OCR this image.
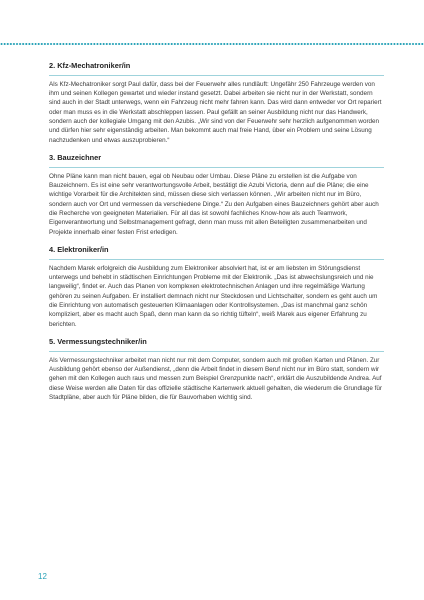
2. Kfz-Mechatroniker/in

Als Kfz-Mechatroniker sorgt Paul dafür, dass bei der Feuerwehr alles rundläuft: Ungefähr 250 Fahrzeuge werden von ihm und seinen Kollegen gewartet und wieder instand gesetzt. Dabei arbeiten sie nicht nur in der Werkstatt, sondern sind auch in der Stadt unterwegs, wenn ein Fahrzeug nicht mehr fahren kann. Das wird dann entweder vor Ort repariert oder man muss es in die Werkstatt abschleppen lassen. Paul gefällt an seiner Ausbildung nicht nur das Handwerk, sondern auch der kollegiale Umgang mit den Azubis. „Wir sind von der Feuerwehr sehr herzlich aufgenommen worden und dürfen hier sehr eigenständig arbeiten. Man bekommt auch mal freie Hand, über ein Problem und seine Lösung nachzudenken und etwas auszuprobieren.“

3. Bauzeichner

Ohne Pläne kann man nicht bauen, egal ob Neubau oder Umbau. Diese Pläne zu erstellen ist die Aufgabe von Bauzeichnern. Es ist eine sehr verantwortungsvolle Arbeit, bestätigt die Azubi Victoria, denn auf die Pläne; die eine wichtige Vorarbeit für die Architekten sind, müssen diese sich verlassen können. „Wir arbeiten nicht nur im Büro, sondern auch vor Ort und vermessen da verschiedene Dinge.“ Zu den Aufgaben eines Bauzeichners gehört aber auch die Recherche von geeigneten Materialien. Für all das ist sowohl fachliches Know-how als auch Teamwork, Eigenverantwortung und Selbstmanagement gefragt, denn man muss mit allen Beteiligten zusammenarbeiten und Projekte innerhalb einer festen Frist erledigen.

4. Elektroniker/in

Nachdem Marek erfolgreich die Ausbildung zum Elektroniker absolviert hat, ist er am liebsten im Störungsdienst unterwegs und behebt in städtischen Einrichtungen Probleme mit der Elektronik. „Das ist abwechslungsreich und nie langweilig“, findet er. Auch das Planen von komplexen elektrotechnischen Anlagen und ihre regelmäßige Wartung gehören zu seinen Aufgaben. Er installiert demnach nicht nur Steckdosen und Lichtschalter, sondern es geht auch um die Einrichtung von automatisch gesteuerten Klimaanlagen oder Kontrollsystemen. „Das ist manchmal ganz schön kompliziert, aber es macht auch Spaß, denn man kann da so richtig tüfteln“, weiß Marek aus eigener Erfahrung zu berichten.

5. Vermessungstechniker/in

Als Vermessungstechniker arbeitet man nicht nur mit dem Computer, sondern auch mit großen Karten und Plänen. Zur Ausbildung gehört ebenso der Außendienst, „denn die Arbeit findet in diesem Beruf nicht nur im Büro statt, sondern wir gehen mit den Kollegen auch raus und messen zum Beispiel Grenzpunkte nach“, erklärt die Auszubildende Andrea. Auf diese Weise werden alle Daten für das offizielle städtische Kartenwerk aktuell gehalten, die wiederum die Grundlage für Stadtpläne, aber auch für Pläne bilden, die für Bauvorhaben wichtig sind.

12
